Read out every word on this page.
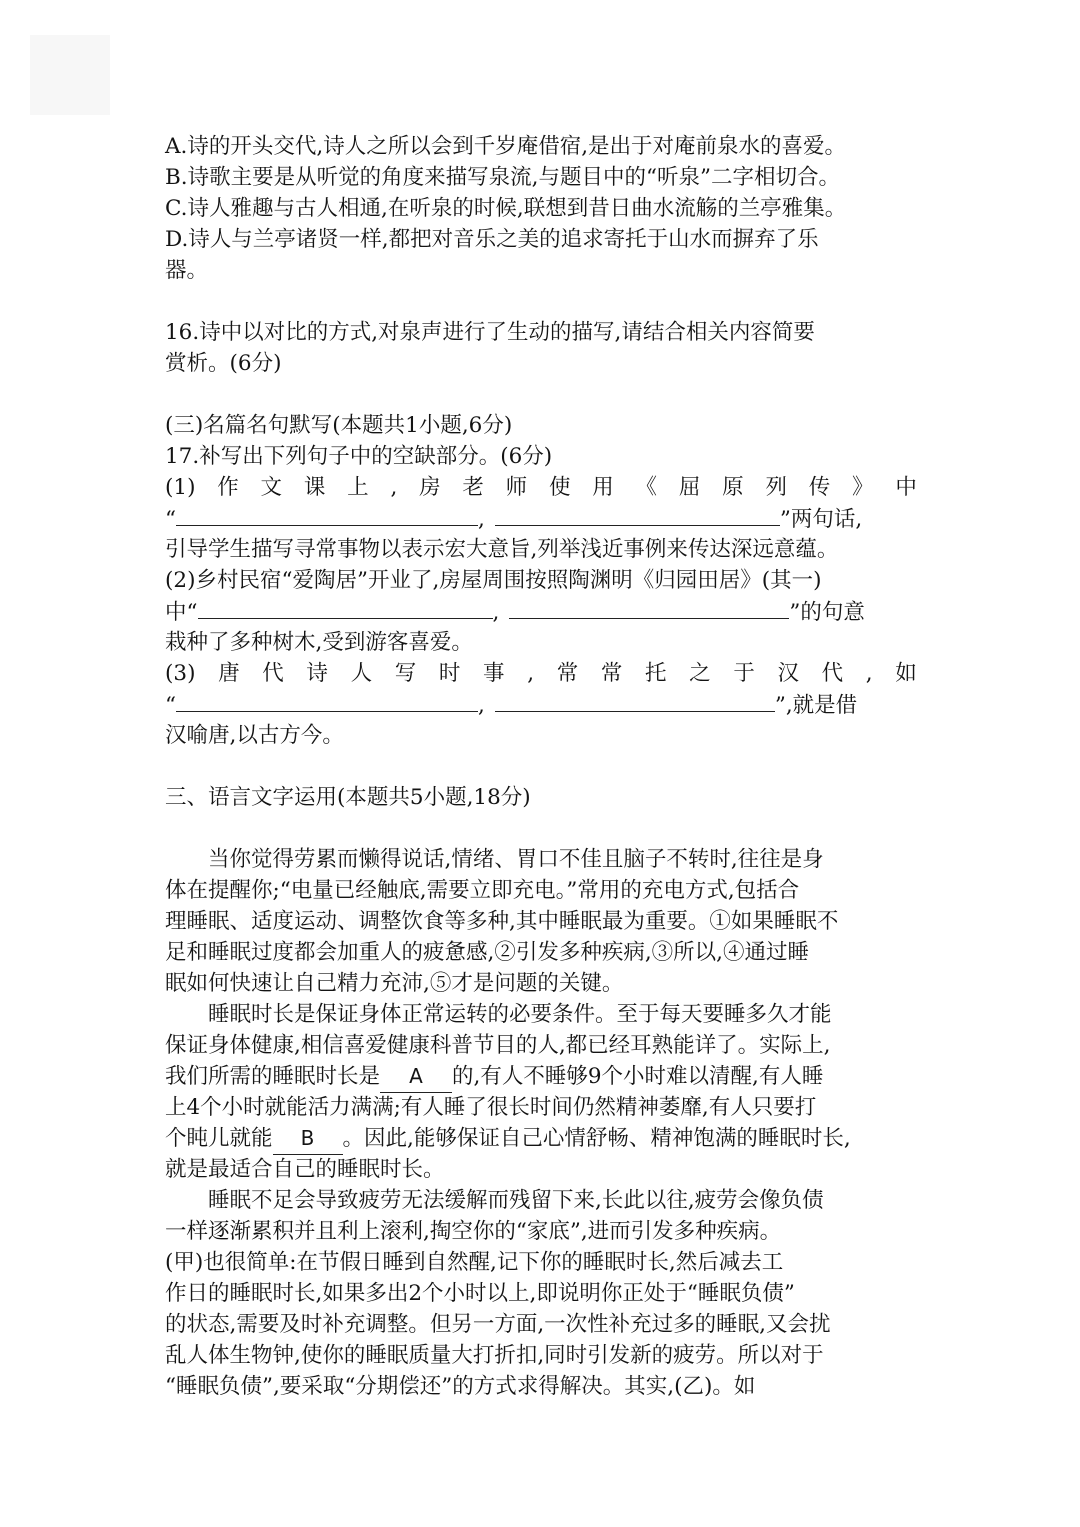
A.诗的开头交代,诗人之所以会到千岁庵借宿,是出于对庵前泉水的喜爱。
B.诗歌主要是从听觉的角度来描写泉流,与题目中的“听泉”二字相切合。
C.诗人雅趣与古人相通,在听泉的时候,联想到昔日曲水流觞的兰亭雅集。
D.诗人与兰亭诸贤一样,都把对音乐之美的追求寄托于山水而摒弃了乐
器。
16.诗中以对比的方式,对泉声进行了生动的描写,请结合相关内容简要
赏析。(6分)
(三)名篇名句默写(本题共1小题,6分)
17.补写出下列句子中的空缺部分。(6分)
(1) 作 文 课 上 , 房 老 师 使 用 《 屈 原 列 传 》 中
“	,	”两句话,
引导学生描写寻常事物以表示宏大意旨,列举浅近事例来传达深远意蕴。
(2)乡村民宿“爱陶居”开业了,房屋周围按照陶渊明《归园田居》(其一)
中“	,	”的句意
栽种了多种树木,受到游客喜爱。
(3) 唐 代 诗 人 写 时 事 , 常 常 托 之 于 汉 代 , 如
“	,	”,就是借
汉喻唐,以古方今。
三、语言文字运用(本题共5小题,18分)
当你觉得劳累而懒得说话,情绪、胃口不佳且脑子不转时,往往是身
体在提醒你;“电量已经触底,需要立即充电。”常用的充电方式,包括合
理睡眠、适度运动、调整饮食等多种,其中睡眠最为重要。①如果睡眠不
足和睡眠过度都会加重人的疲惫感,②引发多种疾病,③所以,④通过睡
眠如何快速让自己精力充沛,⑤才是问题的关键。
睡眠时长是保证身体正常运转的必要条件。至于每天要睡多久才能
保证身体健康,相信喜爱健康科普节目的人,都已经耳熟能详了。实际上,
我们所需的睡眠时长是 A 的,有人不睡够9个小时难以清醒,有人睡
上4个小时就能活力满满;有人睡了很长时间仍然精神萎靡,有人只要打
个盹儿就能 B 。因此,能够保证自己心情舒畅、精神饱满的睡眠时长,
就是最适合自己的睡眠时长。
睡眠不足会导致疲劳无法缓解而残留下来,长此以往,疲劳会像负债
一样逐渐累积并且利上滚利,掏空你的“家底”,进而引发多种疾病。
(甲)也很简单:在节假日睡到自然醒,记下你的睡眠时长,然后减去工
作日的睡眠时长,如果多出2个小时以上,即说明你正处于“睡眠负债”
的状态,需要及时补充调整。但另一方面,一次性补充过多的睡眠,又会扰
乱人体生物钟,使你的睡眠质量大打折扣,同时引发新的疲劳。所以对于
“睡眠负债”,要采取“分期偿还”的方式求得解决。其实,(乙)。如
